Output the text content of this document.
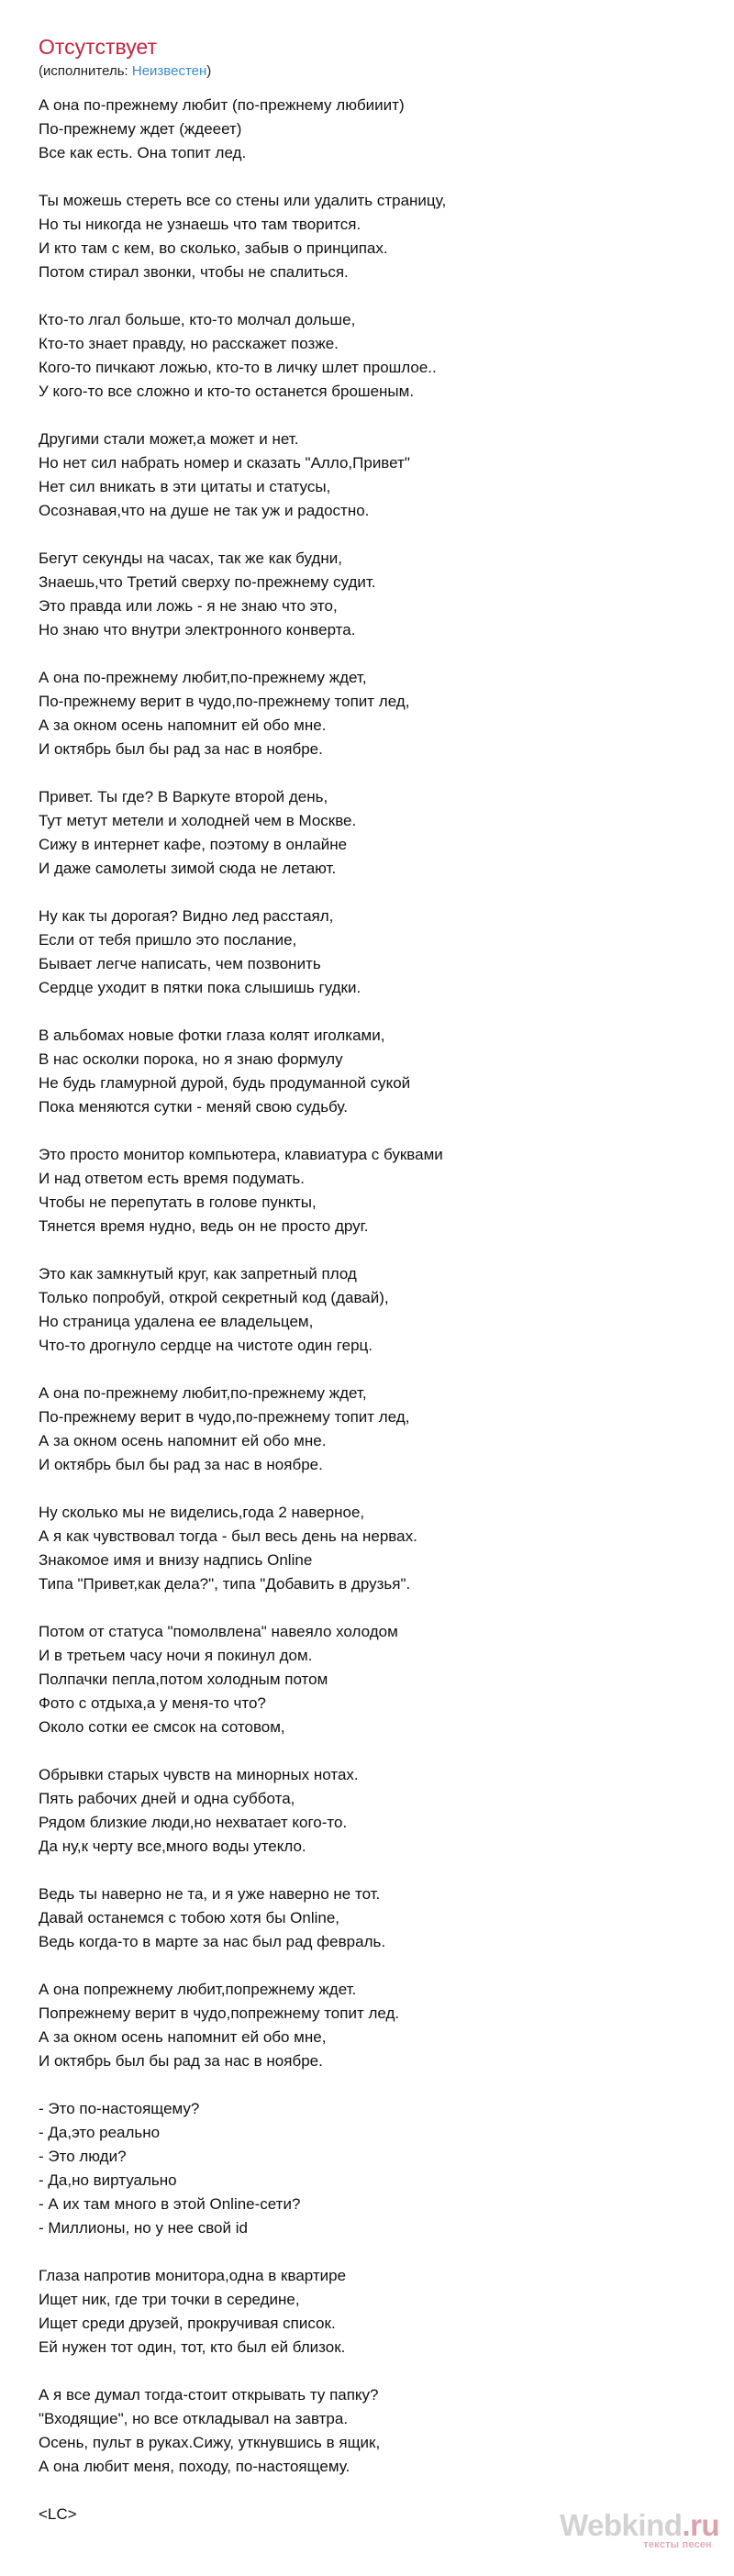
Отсутствует
(исполнитель: Неизвестен)
А она по-прежнему любит (по-прежнему любииит)
По-прежнему ждет (ждееет)
Все как есть. Она топит лед.
Ты можешь стереть все со стены или удалить страницу,
Но ты никогда не узнаешь что там творится.
И кто там с кем, во сколько, забыв о принципах.
Потом стирал звонки, чтобы не спалиться.
Кто-то лгал больше, кто-то молчал дольше,
Кто-то знает правду, но расскажет позже.
Кого-то пичкают ложью, кто-то в личку шлет прошлое..
У кого-то все сложно и кто-то останется брошеным.
Другими стали может,а может и нет.
Но нет сил набрать номер и сказать "Алло,Привет"
Нет сил вникать в эти цитаты и статусы,
Осознавая,что на душе не так уж и радостно.
Бегут секунды на часах, так же как будни,
Знаешь,что Третий сверху по-прежнему судит.
Это правда или ложь - я не знаю что это,
Но знаю что внутри электронного конверта.
А она по-прежнему любит,по-прежнему ждет,
По-прежнему верит в чудо,по-прежнему топит лед,
А за окном осень напомнит ей обо мне.
И октябрь был бы рад за нас в ноябре.
Привет. Ты где? В Варкуте второй день,
Тут метут метели и холодней чем в Москве.
Сижу в интернет кафе, поэтому в онлайне
И даже самолеты зимой сюда не летают.
Ну как ты дорогая? Видно лед расстаял,
Если от тебя пришло это послание,
Бывает легче написать, чем позвонить
Сердце уходит в пятки пока слышишь гудки.
В альбомах новые фотки глаза колят иголками,
В нас осколки порока, но я знаю формулу
Не будь гламурной дурой, будь продуманной сукой
Пока меняются сутки - меняй свою судьбу.
Это просто монитор компьютера, клавиатура с буквами
И над ответом есть время подумать.
Чтобы не перепутать в голове пункты,
Тянется время нудно, ведь он не просто друг.
Это как замкнутый круг, как запретный плод
Только попробуй, открой секретный код (давай),
Но страница удалена ее владельцем,
Что-то дрогнуло сердце на чистоте один герц.
А она по-прежнему любит,по-прежнему ждет,
По-прежнему верит в чудо,по-прежнему топит лед,
А за окном осень напомнит ей обо мне.
И октябрь был бы рад за нас в ноябре.
Ну сколько мы не виделись,года 2 наверное,
А я как чувствовал тогда - был весь день на нервах.
Знакомое имя и внизу надпись Online
Типа "Привет,как дела?", типа "Добавить в друзья".
Потом от статуса "помолвлена" навеяло холодом
И в третьем часу ночи я покинул дом.
Полпачки пепла,потом холодным потом
Фото с отдыха,а у меня-то что?
Около сотки ее смсок на сотовом,
Обрывки старых чувств на минорных нотах.
Пять рабочих дней и одна суббота,
Рядом близкие люди,но нехватает кого-то.
Да ну,к черту все,много воды утекло.
Ведь ты наверно не та, и я уже наверно не тот.
Давай останемся с тобою хотя бы Online,
Ведь когда-то в марте за нас был рад февраль.
А она попрежнему любит,попрежнему ждет.
Попрежнему верит в чудо,попрежнему топит лед.
А за окном осень напомнит ей обо мне,
И октябрь был бы рад за нас в ноябре.
- Это по-настоящему?
- Да,это реально
- Это люди?
- Да,но виртуально
- А их там много в этой Online-сети?
- Миллионы, но у нее свой id
Глаза напротив монитора,одна в квартире
Ищет ник, где три точки в середине,
Ищет среди друзей, прокручивая список.
Ей нужен тот один, тот, кто был ей близок.
А я все думал тогда-стоит открывать ту папку?
"Входящие", но все откладывал на завтра.
Осень, пульт в руках.Сижу, уткнувшись в ящик,
А она любит меня, походу, по-настоящему.
<LC>	Webkind.ru
тексты песен
